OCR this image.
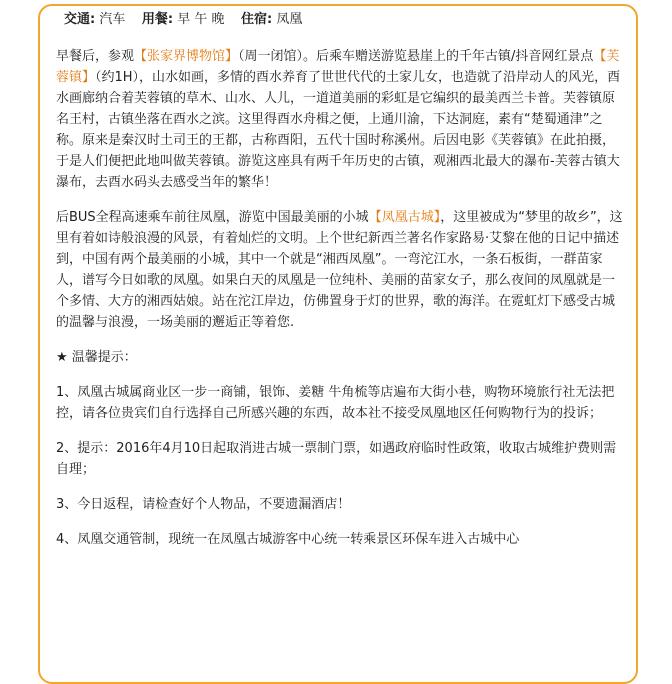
交通: 汽车 用餐: 早 午 晚 住宿: 凤凰

早餐后，参观【张家界博物馆】（周一闭馆）。后乘车赠送游览悬崖上的千年古镇/抖音网红景点【芙蓉镇】（约1H），山水如画，多情的酉水养育了世世代代的土家儿女，也造就了沿岸动人的风光，酉水画廊纳合着芙蓉镇的草木、山水、人儿，一道道美丽的彩虹是它编织的最美西兰卡普。芙蓉镇原名王村，古镇坐落在酉水之滨。这里得酉水舟楫之便，上通川渝，下达洞庭，素有“楚蜀通津”之称。原来是秦汉时土司王的王都，古称酉阳，五代十国时称溪州。后因电影《芙蓉镇》在此拍摄，于是人们便把此地叫做芙蓉镇。游览这座具有两千年历史的古镇，观湘西北最大的瀑布-芙蓉古镇大瀑布，去酉水码头去感受当年的繁华！

后BUS全程高速乘车前往凤凰，游览中国最美丽的小城【凤凰古城】，这里被成为“梦里的故乡”，这里有着如诗般浪漫的风景，有着灿烂的文明。上个世纪新西兰著名作家路易·艾黎在他的日记中描述到，中国有两个最美丽的小城，其中一个就是“湘西凤凰”。一弯沱江水，一条石板街，一群苗家人，谱写今日如歌的凤凰。如果白天的凤凰是一位纯朴、美丽的苗家女子，那么夜间的凤凰就是一个多情、大方的湘西姑娘。站在沱江岸边，仿佛置身于灯的世界，歌的海洋。在霓虹灯下感受古城的温馨与浪漫，一场美丽的邂逅正等着您.

★ 温馨提示：

1、凤凰古城属商业区一步一商铺，银饰、姜糖 牛角梳等店遍布大街小巷，购物环境旅行社无法把控，请各位贵宾们自行选择自己所感兴趣的东西，故本社不接受凤凰地区任何购物行为的投诉；

2、提示：2016年4月10日起取消进古城一票制门票，如遇政府临时性政策，收取古城维护费则需自理；

3、今日返程，请检查好个人物品，不要遗漏酒店！

4、凤凰交通管制，现统一在凤凰古城游客中心统一转乘景区环保车进入古城中心
